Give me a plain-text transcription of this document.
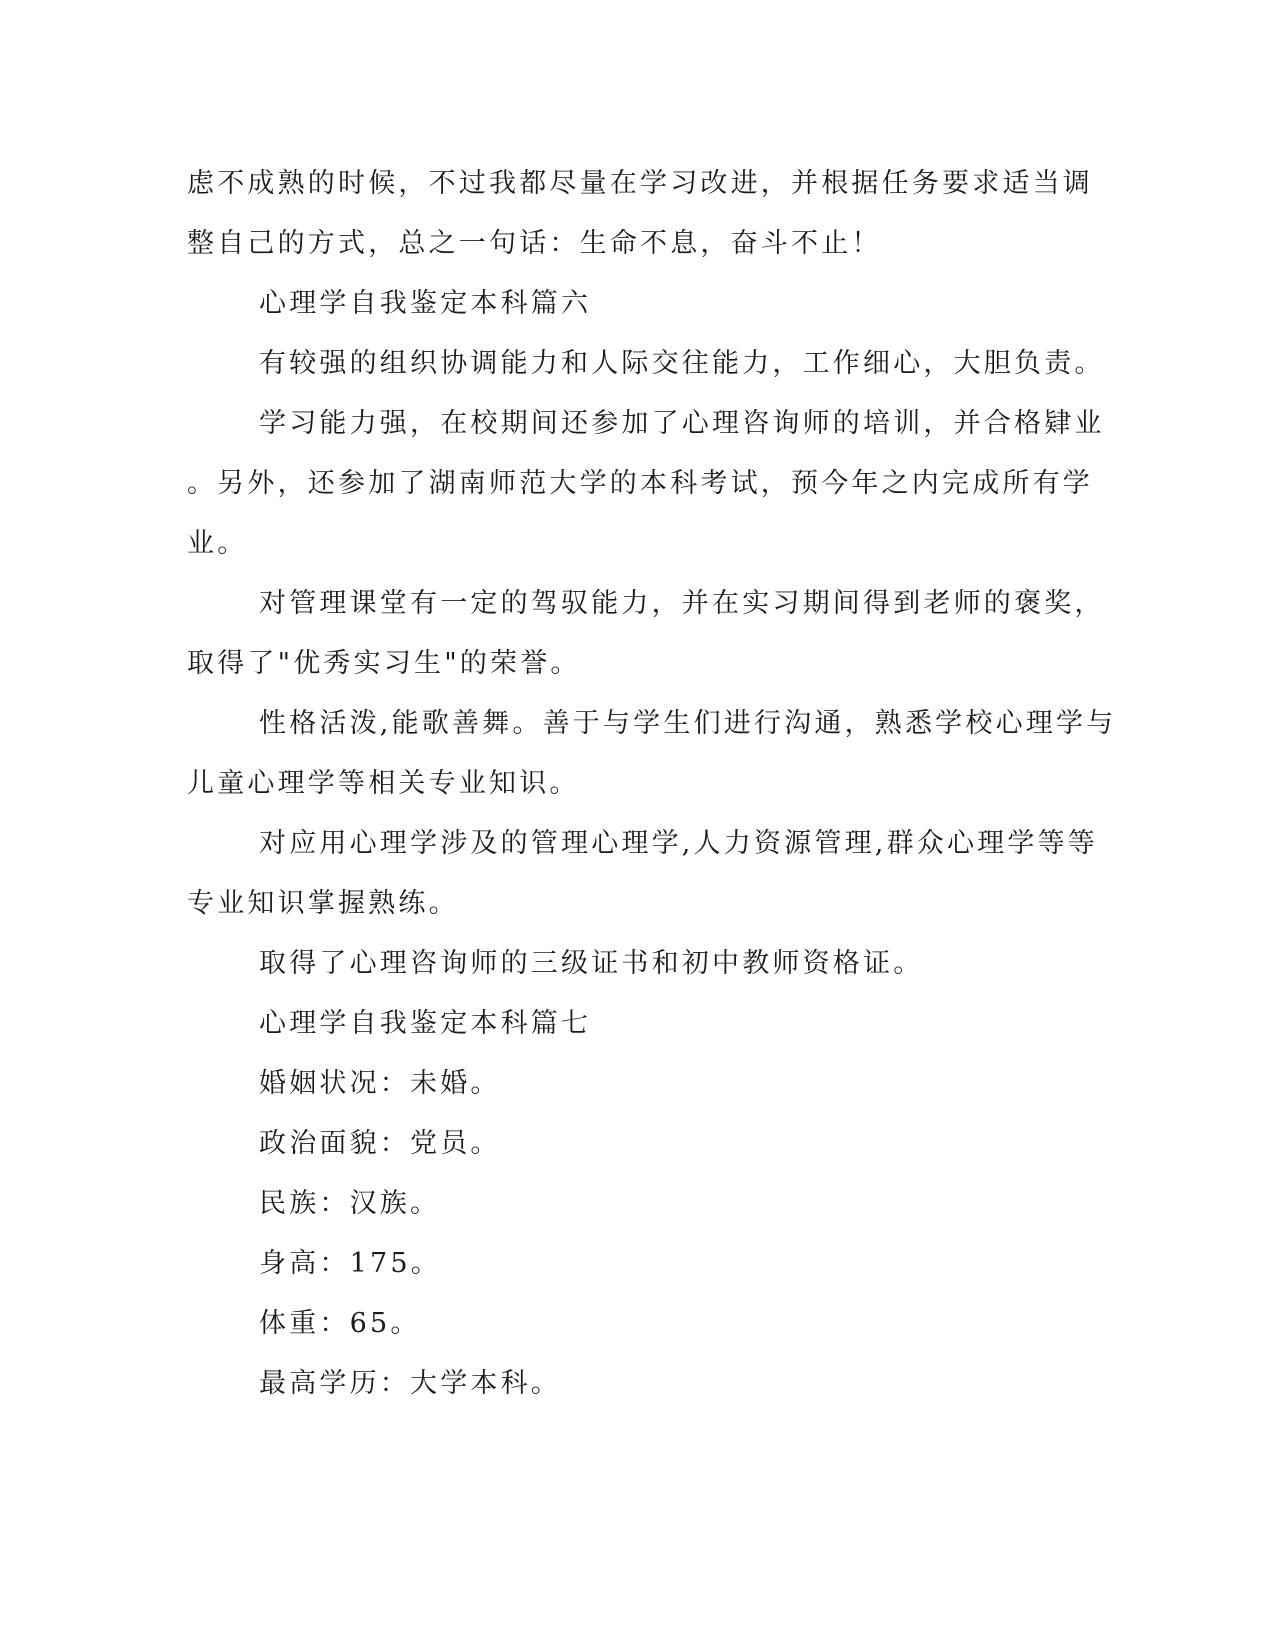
虑不成熟的时候，不过我都尽量在学习改进，并根据任务要求适当调
整自己的方式，总之一句话：生命不息，奋斗不止！
心理学自我鉴定本科篇六
有较强的组织协调能力和人际交往能力，工作细心，大胆负责。
学习能力强，在校期间还参加了心理咨询师的培训，并合格肄业
。另外，还参加了湖南师范大学的本科考试，预今年之内完成所有学
业。
对管理课堂有一定的驾驭能力，并在实习期间得到老师的褒奖，
取得了"优秀实习生"的荣誉。
性格活泼,能歌善舞。善于与学生们进行沟通，熟悉学校心理学与
儿童心理学等相关专业知识。
对应用心理学涉及的管理心理学,人力资源管理,群众心理学等等
专业知识掌握熟练。
取得了心理咨询师的三级证书和初中教师资格证。
心理学自我鉴定本科篇七
婚姻状况：未婚。
政治面貌：党员。
民族：汉族。
身高：175。
体重：65。
最高学历：大学本科。
